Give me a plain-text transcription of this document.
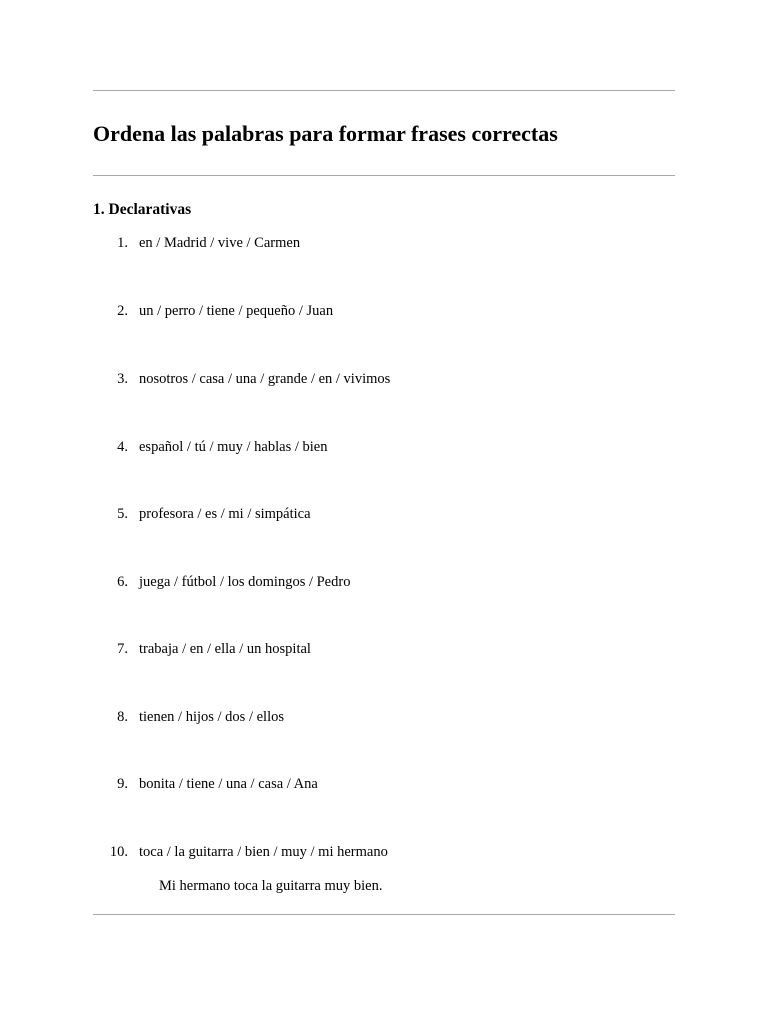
Ordena las palabras para formar frases correctas
1. Declarativas
1. en / Madrid / vive / Carmen
2. un / perro / tiene / pequeño / Juan
3. nosotros / casa / una / grande / en / vivimos
4. español / tú / muy / hablas / bien
5. profesora / es / mi / simpática
6. juega / fútbol / los domingos / Pedro
7. trabaja / en / ella / un hospital
8. tienen / hijos / dos / ellos
9. bonita / tiene / una / casa / Ana
10. toca / la guitarra / bien / muy / mi hermano
Mi hermano toca la guitarra muy bien.
